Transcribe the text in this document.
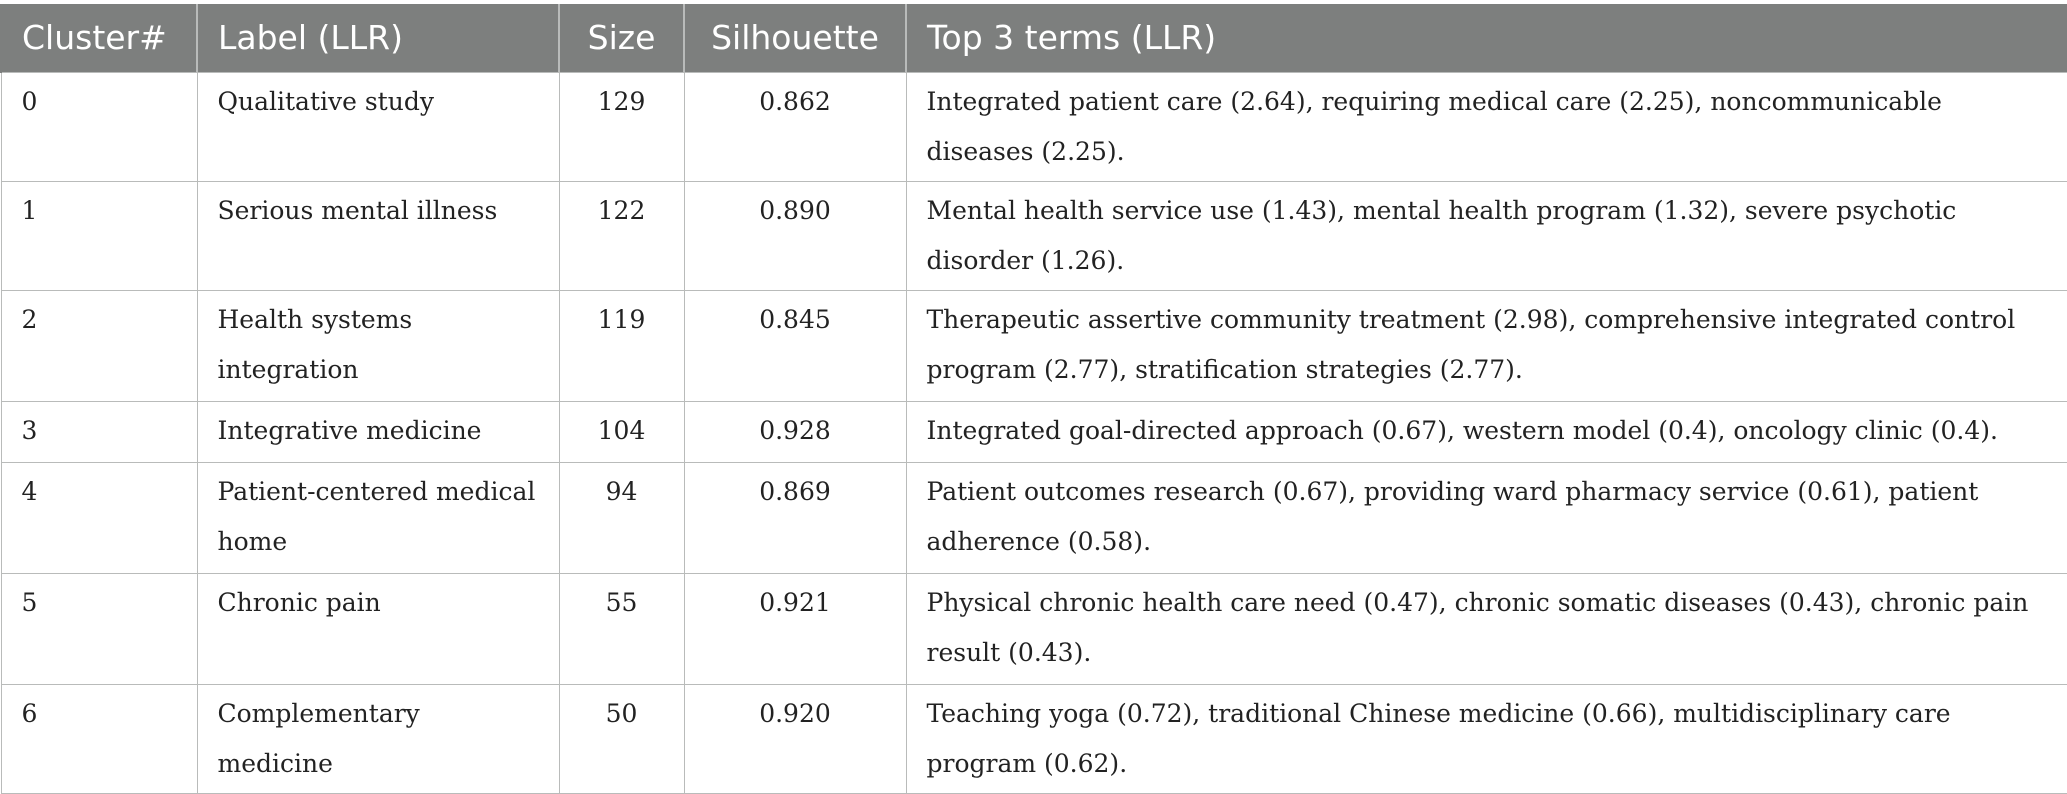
Cluster#	Label (LLR)	Size	Silhouette	Top 3 terms (LLR)
0	Qualitative study	129	0.862	Integrated patient care (2.64), requiring medical care (2.25), noncommunicable diseases (2.25).
1	Serious mental illness	122	0.890	Mental health service use (1.43), mental health program (1.32), severe psychotic disorder (1.26).
2	Health systems integration	119	0.845	Therapeutic assertive community treatment (2.98), comprehensive integrated control program (2.77), stratification strategies (2.77).
3	Integrative medicine	104	0.928	Integrated goal-directed approach (0.67), western model (0.4), oncology clinic (0.4).
4	Patient-centered medical home	94	0.869	Patient outcomes research (0.67), providing ward pharmacy service (0.61), patient adherence (0.58).
5	Chronic pain	55	0.921	Physical chronic health care need (0.47), chronic somatic diseases (0.43), chronic pain result (0.43).
6	Complementary medicine	50	0.920	Teaching yoga (0.72), traditional Chinese medicine (0.66), multidisciplinary care program (0.62).
